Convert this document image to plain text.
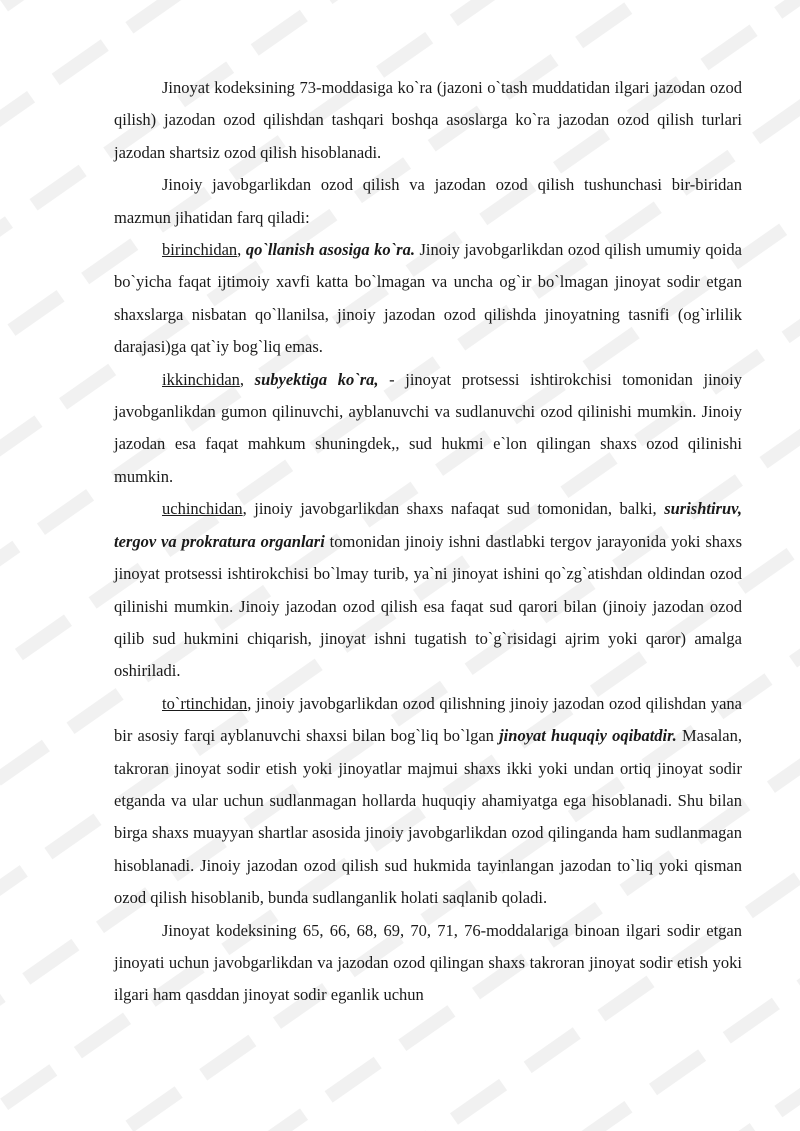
Jinoyat kodeksining 73-moddasiga ko`ra (jazoni o`tash muddatidan ilgari jazodan ozod qilish) jazodan ozod qilishdan tashqari boshqa asoslarga ko`ra jazodan ozod qilish turlari jazodan shartsiz ozod qilish hisoblanadi.

Jinoiy javobgarlikdan ozod qilish va jazodan ozod qilish tushunchasi bir-biridan mazmun jihatidan farq qiladi:

birinchidan, qo`llanish asosiga ko`ra. Jinoiy javobgarlikdan ozod qilish umumiy qoida bo`yicha faqat ijtimoiy xavfi katta bo`lmagan va uncha og`ir bo`lmagan jinoyat sodir etgan shaxslarga nisbatan qo`llanilsa, jinoiy jazodan ozod qilishda jinoyatning tasnifi (og`irlilik darajasi)ga qat`iy bog`liq emas.

ikkinchidan, subyektiga ko`ra, - jinoyat protsessi ishtirokchisi tomonidan jinoiy javobganlikdan gumon qilinuvchi, ayblanuvchi va sudlanuvchi ozod qilinishi mumkin. Jinoiy jazodan esa faqat mahkum shuningdek,, sud hukmi e`lon qilingan shaxs ozod qilinishi mumkin.

uchinchidan, jinoiy javobgarlikdan shaxs nafaqat sud tomonidan, balki, surishtiruv, tergov va prokratura organlari tomonidan jinoiy ishni dastlabki tergov jarayonida yoki shaxs jinoyat protsessi ishtirokchisi bo`lmay turib, ya`ni jinoyat ishini qo`zg`atishdan oldindan ozod qilinishi mumkin. Jinoiy jazodan ozod qilish esa faqat sud qarori bilan (jinoiy jazodan ozod qilib sud hukmini chiqarish, jinoyat ishni tugatish to`g`risidagi ajrim yoki qaror) amalga oshiriladi.

to`rtinchidan, jinoiy javobgarlikdan ozod qilishning jinoiy jazodan ozod qilishdan yana bir asosiy farqi ayblanuvchi shaxsi bilan bog`liq bo`lgan jinoyat huquqiy oqibatdir. Masalan, takroran jinoyat sodir etish yoki jinoyatlar majmui shaxs ikki yoki undan ortiq jinoyat sodir etganda va ular uchun sudlanmagan hollarda huquqiy ahamiyatga ega hisoblanadi. Shu bilan birga shaxs muayyan shartlar asosida jinoiy javobgarlikdan ozod qilinganda ham sudlanmagan hisoblanadi. Jinoiy jazodan ozod qilish sud hukmida tayinlangan jazodan to`liq yoki qisman ozod qilish hisoblanib, bunda sudlanganlik holati saqlanib qoladi.

Jinoyat kodeksining 65, 66, 68, 69, 70, 71, 76-moddalariga binoan ilgari sodir etgan jinoyati uchun javobgarlikdan va jazodan ozod qilingan shaxs takroran jinoyat sodir etish yoki ilgari ham qasddan jinoyat sodir eganlik uchun
